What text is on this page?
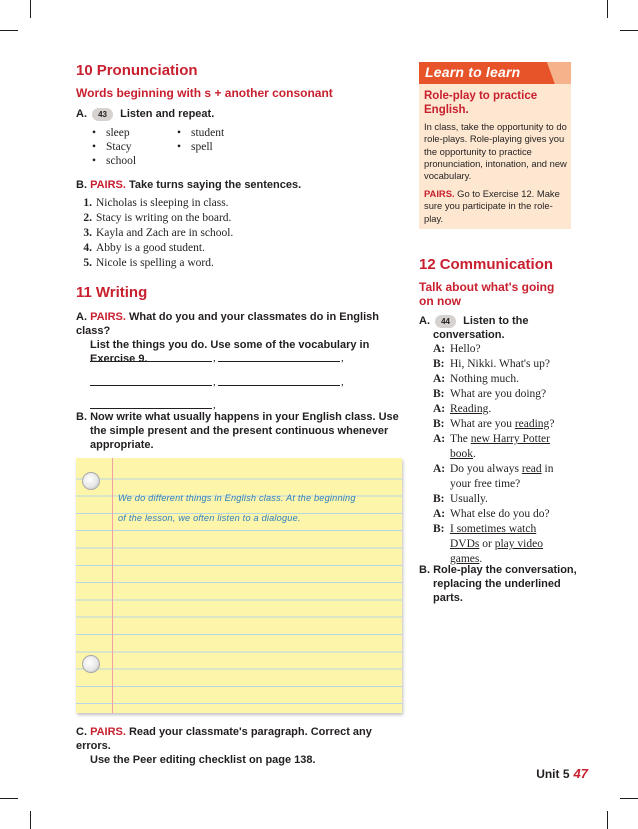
10 Pronunciation
Words beginning with s + another consonant
A. 43 Listen and repeat.
• sleep
• Stacy
• school
• student
• spell
B. PAIRS. Take turns saying the sentences.
1. Nicholas is sleeping in class.
2. Stacy is writing on the board.
3. Kayla and Zach are in school.
4. Abby is a good student.
5. Nicole is spelling a word.
11 Writing
A. PAIRS. What do you and your classmates do in English class?
List the things you do. Use some of the vocabulary in
Exercise 9.	,	,
,	,
,
B. Now write what usually happens in your English class. Use
the simple present and the present continuous whenever
appropriate.
We do different things in English class. At the beginning
of the lesson, we often listen to a dialogue.
C. PAIRS. Read your classmate's paragraph. Correct any errors.
Use the Peer editing checklist on page 138.
Learn to learn
Role-play to practice English.
In class, take the opportunity to do role-plays. Role-playing gives you the opportunity to practice pronunciation, intonation, and new vocabulary.
PAIRS. Go to Exercise 12. Make sure you participate in the role-play.
12 Communication
Talk about what's going
on now
A. 44 Listen to the
conversation.
A: Hello?
B: Hi, Nikki. What's up?
A: Nothing much.
B: What are you doing?
A: Reading.
B: What are you reading?
A: The new Harry Potter
book.
A: Do you always read in
your free time?
B: Usually.
A: What else do you do?
B: I sometimes watch
DVDs or play video
games.
B. Role-play the conversation,
replacing the underlined
parts.
Unit 5 47
